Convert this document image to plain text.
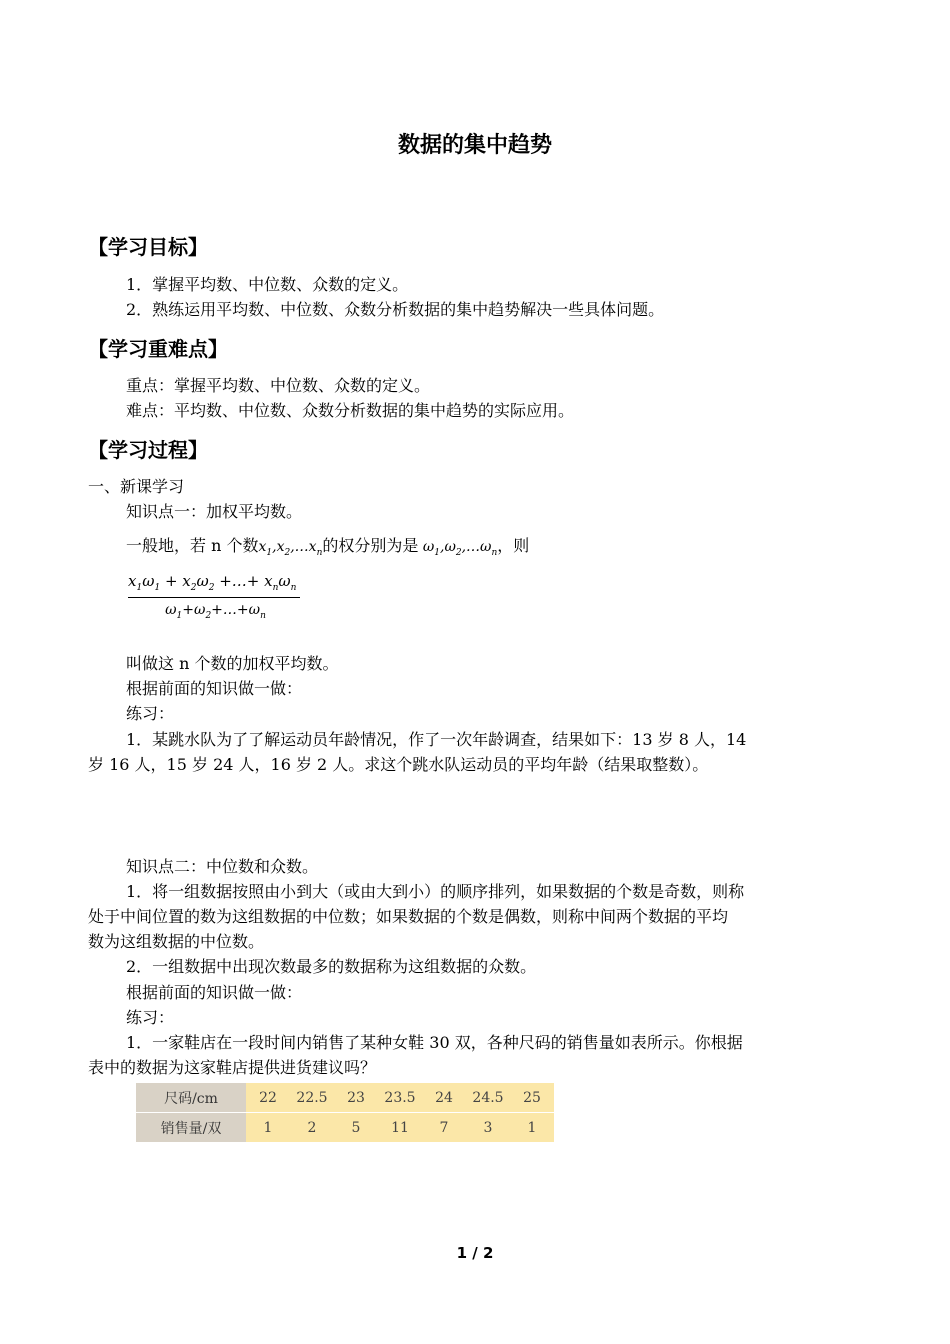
数据的集中趋势
【学习目标】
1．掌握平均数、中位数、众数的定义。
2．熟练运用平均数、中位数、众数分析数据的集中趋势解决一些具体问题。
【学习重难点】
重点：掌握平均数、中位数、众数的定义。
难点：平均数、中位数、众数分析数据的集中趋势的实际应用。
【学习过程】
一、新课学习
知识点一：加权平均数。
一般地，若 n 个数$x_1,x_2,\dots x_n$的权分别为是 $\omega_1,\omega_2,\dots\omega_n$，则
$x_1\omega_1 + x_2\omega_2$ +…+ $x_n\omega_n$
$\omega_1+\omega_2+\dots+\omega_n$
叫做这 n 个数的加权平均数。
根据前面的知识做一做：
练习：
1．某跳水队为了了解运动员年龄情况，作了一次年龄调查，结果如下：13 岁 8 人，14
岁 16 人，15 岁 24 人，16 岁 2 人。求这个跳水队运动员的平均年龄（结果取整数）。
知识点二：中位数和众数。
1．将一组数据按照由小到大（或由大到小）的顺序排列，如果数据的个数是奇数，则称
处于中间位置的数为这组数据的中位数；如果数据的个数是偶数，则称中间两个数据的平均
数为这组数据的中位数。
2．一组数据中出现次数最多的数据称为这组数据的众数。
根据前面的知识做一做：
练习：
1．一家鞋店在一段时间内销售了某种女鞋 30 双，各种尺码的销售量如表所示。你根据
表中的数据为这家鞋店提供进货建议吗？
尺码/cm	22	22.5	23	23.5	24	24.5	25
销售量/双	1	2	5	11	7	3	1
1 / 2
